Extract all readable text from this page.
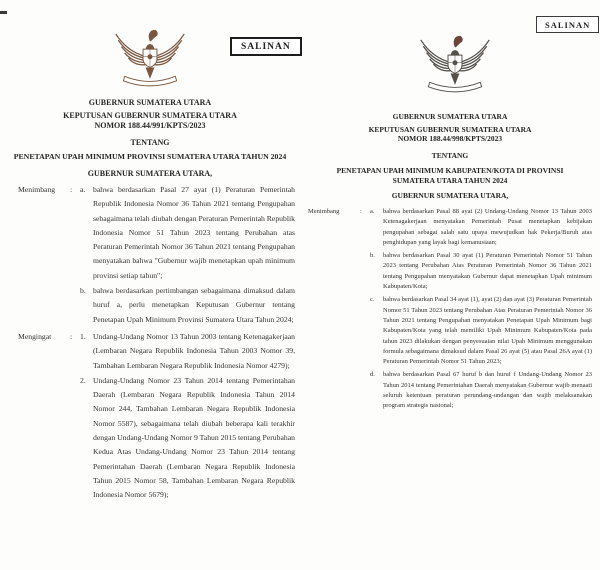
SALINAN
GUBERNUR SUMATERA UTARA
KEPUTUSAN GUBERNUR SUMATERA UTARA
NOMOR 188.44/991/KPTS/2023
TENTANG
PENETAPAN UPAH MINIMUM PROVINSI SUMATERA UTARA TAHUN 2024
GUBERNUR SUMATERA UTARA,
Menimbang	:	a. bahwa berdasarkan Pasal 27 ayat (1) Peraturan Pemerintah Republik Indonesia Nomor 36 Tahun 2021 tentang Pengupahan sebagaimana telah diubah dengan Peraturan Pemerintah Republik Indonesia Nomor 51 Tahun 2023 tentang Perubahan atas Peraturan Pemerintah Nomor 36 Tahun 2021 tentang Pengupahan menyatakan bahwa "Gubernur wajib menetapkan upah minimum provinsi setiap tahun";
b. bahwa berdasarkan pertimbangan sebagaimana dimaksud dalam huruf a, perlu menetapkan Keputusan Gubernur tentang Penetapan Upah Minimum Provinsi Sumatera Utara Tahun 2024;
Mengingat	:	1. Undang-Undang Nomor 13 Tahun 2003 tentang Ketenagakerjaan (Lembaran Negara Republik Indonesia Tahun 2003 Nomor 39, Tambahan Lembaran Negara Republik Indonesia Nomor 4279);
2. Undang-Undang Nomor 23 Tahun 2014 tentang Pemerintahan Daerah (Lembaran Negara Republik Indonesia Tahun 2014 Nomor 244, Tambahan Lembaran Negara Republik Indonesia Nomor 5587), sebagaimana telah diubah beberapa kali terakhir dengan Undang-Undang Nomor 9 Tahun 2015 tentang Perubahan Kedua Atas Undang-Undang Nomor 23 Tahun 2014 tentang Pemerintahan Daerah (Lembaran Negara Republik Indonesia Tahun 2015 Nomor 58, Tambahan Lembaran Negara Republik Indonesia Nomor 5679);
SALINAN
GUBERNUR SUMATERA UTARA
KEPUTUSAN GUBERNUR SUMATERA UTARA
NOMOR 188.44/998/KPTS/2023
TENTANG
PENETAPAN UPAH MINIMUM KABUPATEN/KOTA DI PROVINSI SUMATERA UTARA TAHUN 2024
GUBERNUR SUMATERA UTARA,
Menimbang	:	a.	bahwa berdasarkan Pasal 88 ayat (2) Undang-Undang Nomor 13 Tahun 2003 Ketenagakerjaan menyatakan Pemerintah Pusat menetapkan kebijakan pengupahan sebagai salah satu upaya mewujudkan hak Pekerja/Buruh atas penghidupan yang layak bagi kemanusiaan;
b.	bahwa berdasarkan Pasal 30 ayat (1) Peraturan Pemerintah Nomor 51 Tahun 2023 tentang Perubahan Atas Peraturan Pemerintah Nomor 36 Tahun 2021 tentang Pengupahan menyatakan Gubernur dapat menetapkan Upah minimum Kabupaten/Kota;
c.	bahwa berdasarkan Pasal 34 ayat (1), ayat (2) dan ayat (3) Peraturan Pemerintah Nomor 51 Tahun 2023 tentang Perubahan Atas Peraturan Pemerintah Nomor 36 Tahun 2021 tentang Pengupahan menyatakan Penetapan Upah Minimum bagi Kabupaten/Kota yang telah memiliki Upah Minimum Kabupaten/Kota pada tahun 2023 dilakukan dengan penyesuaian nilai Upah Minimum menggunakan formula sebagaimana dimaksud dalam Pasal 26 ayat (5) atau Pasal 26A ayat (1) Peraturan Pemerintah Nomor 51 Tahun 2023;
d.	bahwa berdasarkan Pasal 67 huruf b dan huruf f Undang-Undang Nomor 23 Tahun 2014 tentang Pemerintahan Daerah menyatakan Gubernur wajib menaati seluruh ketentuan peraturan perundang-undangan dan wajib melaksanakan program strategis nasional;
